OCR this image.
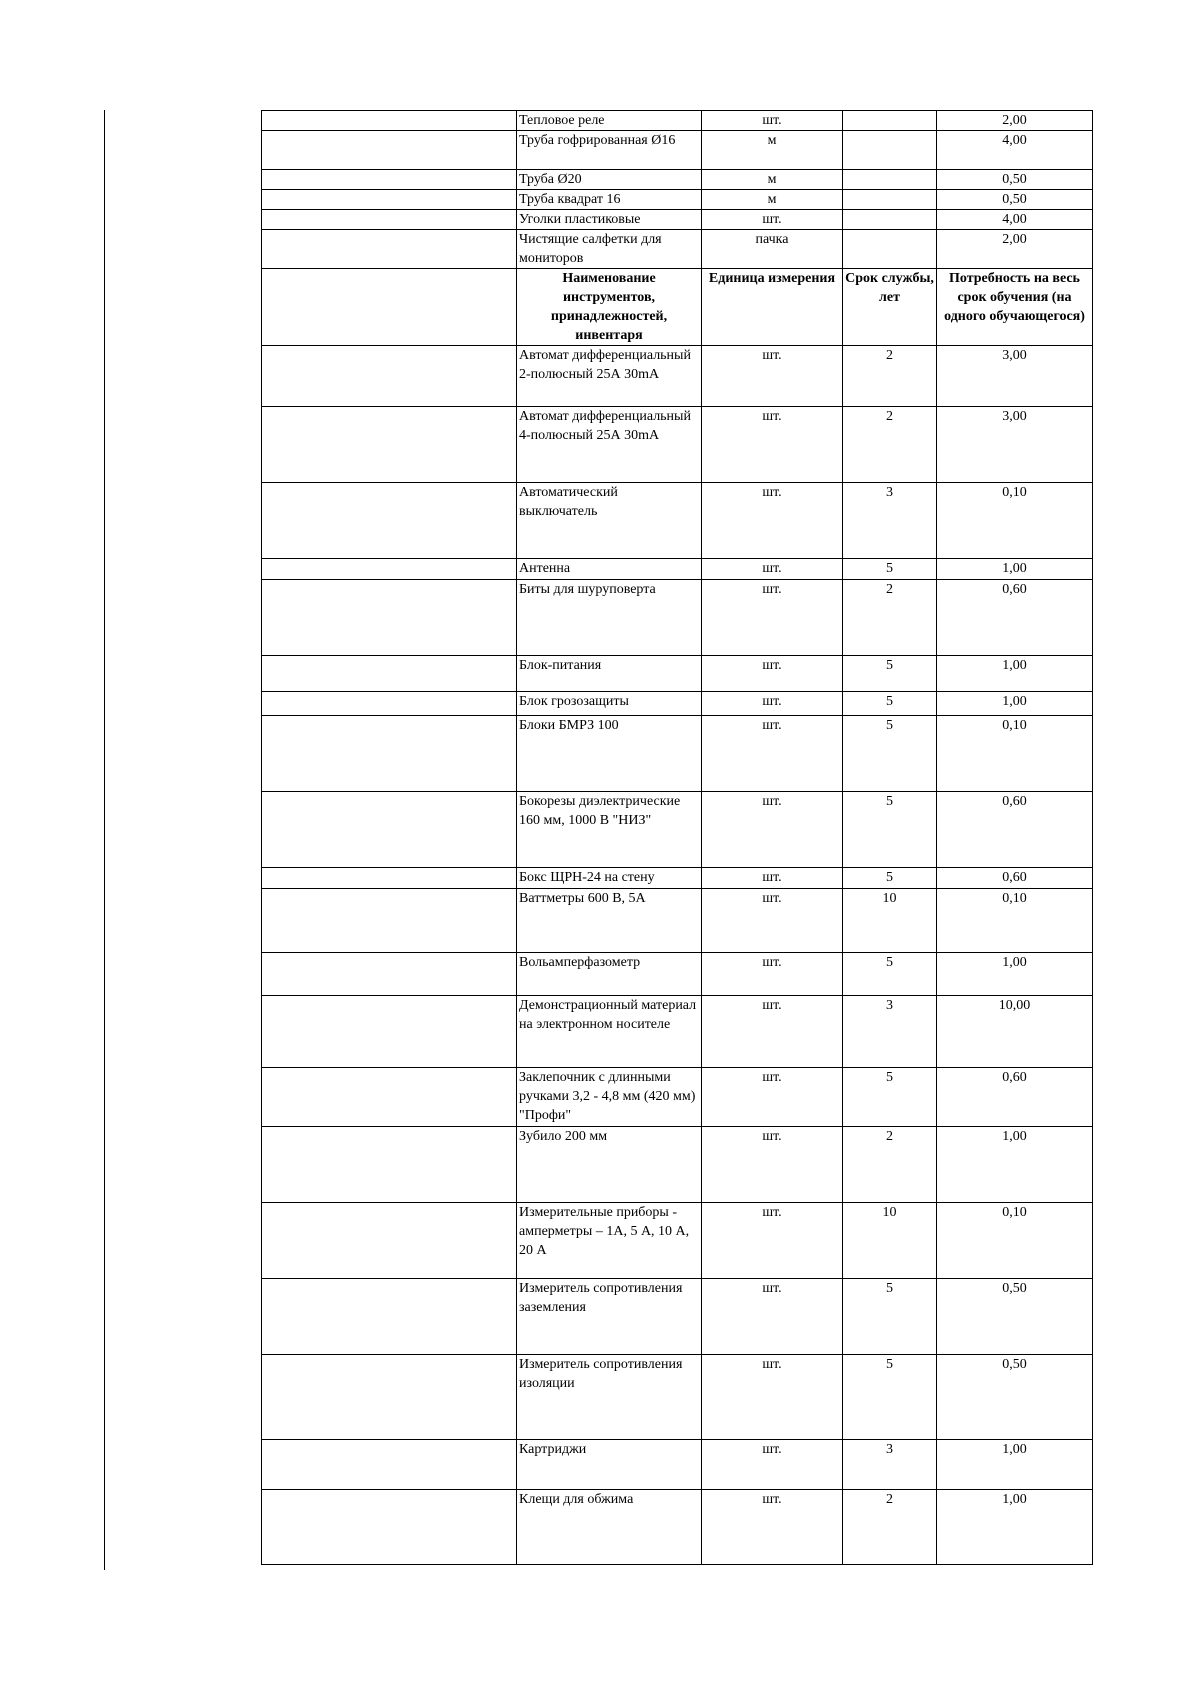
	Тепловое реле	шт.		2,00
	Труба гофрированная Ø16	м		4,00
	Труба Ø20	м		0,50
	Труба квадрат 16	м		0,50
	Уголки пластиковые	шт.		4,00
	Чистящие салфетки для мониторов	пачка		2,00
	Наименование инструментов, принадлежностей, инвентаря	Единица измерения	Срок службы, лет	Потребность на весь срок обучения (на одного обучающегося)
	Автомат дифференциальный 2-полюсный 25А 30mA	шт.	2	3,00
	Автомат дифференциальный 4-полюсный 25А 30mA	шт.	2	3,00
	Автоматический выключатель	шт.	3	0,10
	Антенна	шт.	5	1,00
	Биты для шуруповерта	шт.	2	0,60
	Блок-питания	шт.	5	1,00
	Блок грозозащиты	шт.	5	1,00
	Блоки БМРЗ 100	шт.	5	0,10
	Бокорезы диэлектрические 160 мм, 1000 В "НИЗ"	шт.	5	0,60
	Бокс ЩРН-24 на стену	шт.	5	0,60
	Ваттметры 600 В, 5А	шт.	10	0,10
	Вольамперфазометр	шт.	5	1,00
	Демонстрационный материал на электронном носителе	шт.	3	10,00
	Заклепочник с длинными ручками 3,2 - 4,8 мм (420 мм) "Профи"	шт.	5	0,60
	Зубило 200 мм	шт.	2	1,00
	Измерительные приборы - амперметры – 1А, 5 А, 10 А, 20 А	шт.	10	0,10
	Измеритель сопротивления заземления	шт.	5	0,50
	Измеритель сопротивления изоляции	шт.	5	0,50
	Картриджи	шт.	3	1,00
	Клещи для обжима	шт.	2	1,00
